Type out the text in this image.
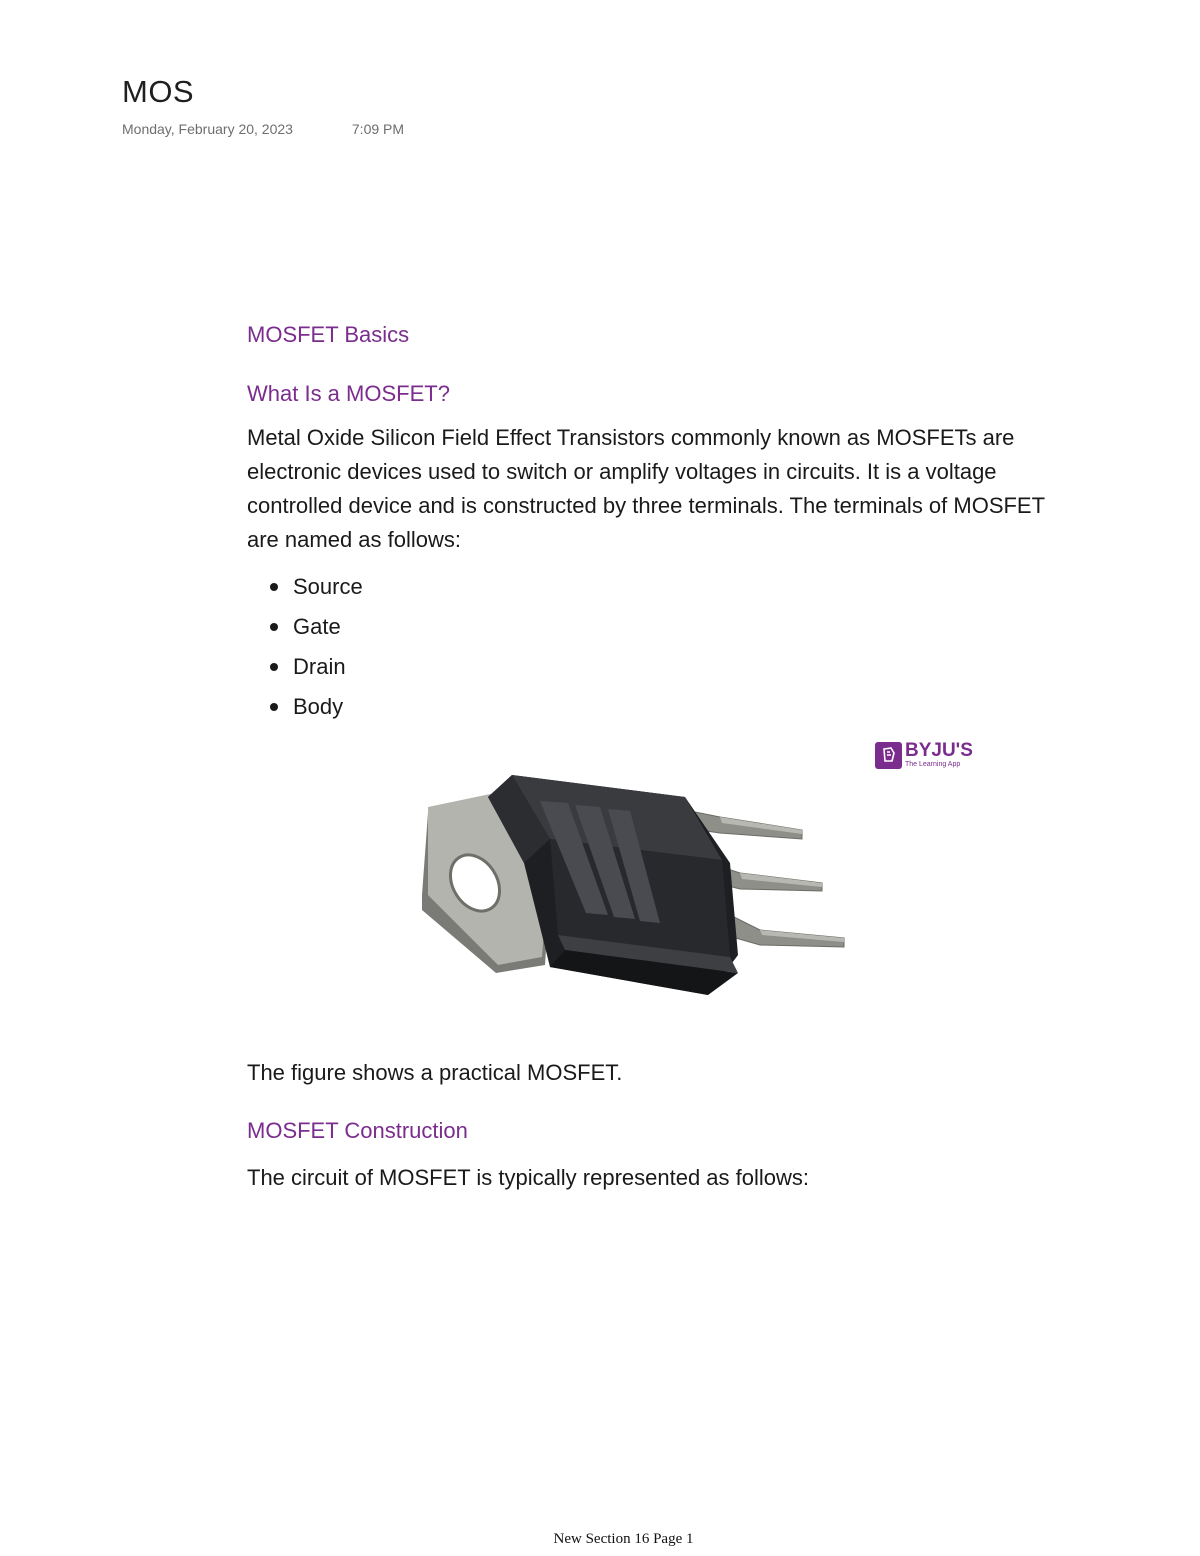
MOS
Monday, February 20, 2023	7:09 PM
MOSFET Basics
What Is a MOSFET?

Metal Oxide Silicon Field Effect Transistors commonly known as MOSFETs are
electronic devices used to switch or amplify voltages in circuits. It is a voltage
controlled device and is constructed by three terminals. The terminals of MOSFET
are named as follows:

Source
Gate
Drain
Body
BYJU'S
The Learning App

The figure shows a practical MOSFET.

MOSFET Construction

The circuit of MOSFET is typically represented as follows:

New Section 16 Page 1
